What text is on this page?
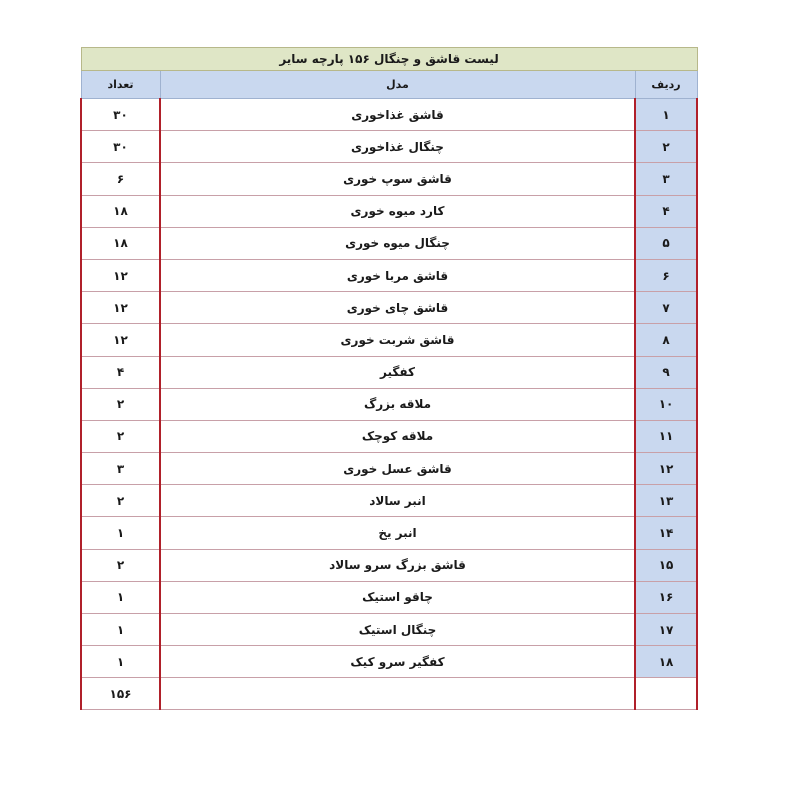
لیست قاشق و چنگال ۱۵۶ پارچه سایر		
تعداد	مدل	ردیف
۳۰	قاشق غذاخوری	۱
۳۰	چنگال غذاخوری	۲
۶	قاشق سوپ خوری	۳
۱۸	کارد میوه خوری	۴
۱۸	چنگال میوه خوری	۵
۱۲	قاشق مربا خوری	۶
۱۲	قاشق چای خوری	۷
۱۲	قاشق شربت خوری	۸
۴	کفگیر	۹
۲	ملاقه بزرگ	۱۰
۲	ملاقه کوچک	۱۱
۳	قاشق عسل خوری	۱۲
۲	انبر سالاد	۱۳
۱	انبر یخ	۱۴
۲	قاشق بزرگ سرو سالاد	۱۵
۱	چاقو استیک	۱۶
۱	چنگال استیک	۱۷
۱	کفگیر سرو کیک	۱۸
۱۵۶		
